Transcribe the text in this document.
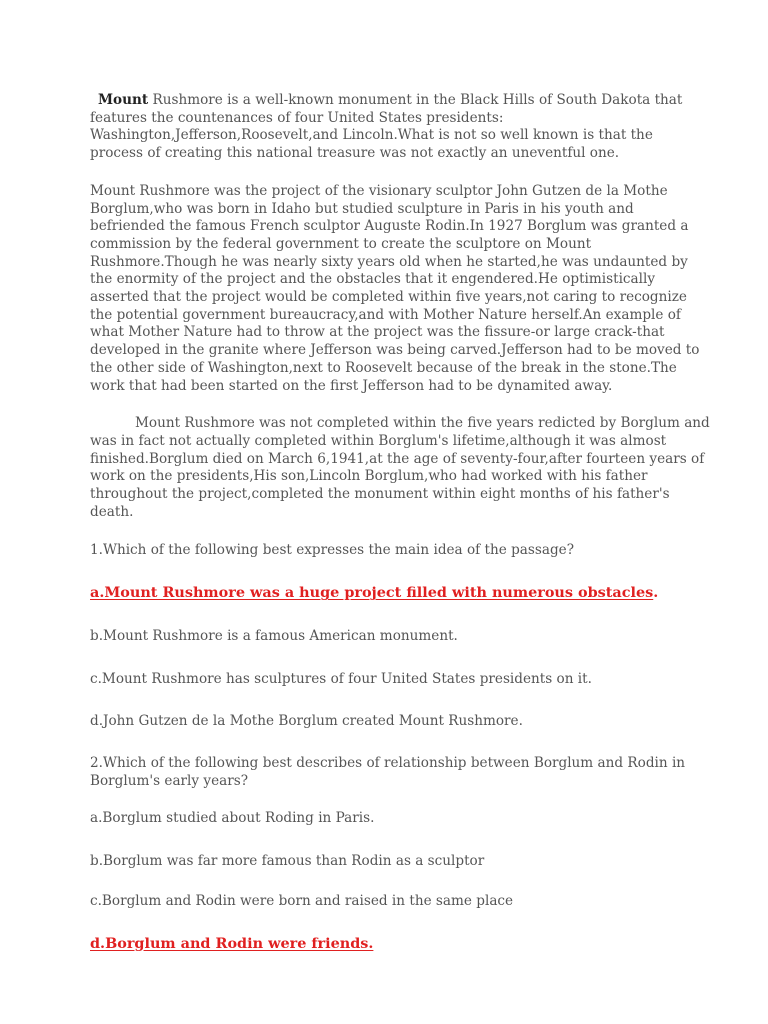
Mount Rushmore is a well-known monument in the Black Hills of South Dakota that features the countenances of four United States presidents: Washington,Jefferson,Roosevelt,and Lincoln.What is not so well known is that the process of creating this national treasure was not exactly an uneventful one.

Mount Rushmore was the project of the visionary sculptor John Gutzen de la Mothe Borglum,who was born in Idaho but studied sculpture in Paris in his youth and befriended the famous French sculptor Auguste Rodin.In 1927 Borglum was granted a commission by the federal government to create the sculptore on Mount Rushmore.Though he was nearly sixty years old when he started,he was undaunted by the enormity of the project and the obstacles that it engendered.He optimistically asserted that the project would be completed within five years,not caring to recognize the potential government bureaucracy,and with Mother Nature herself.An example of what Mother Nature had to throw at the project was the fissure-or large crack-that developed in the granite where Jefferson was being carved.Jefferson had to be moved to the other side of Washington,next to Roosevelt because of the break in the stone.The work that had been started on the first Jefferson had to be dynamited away.

Mount Rushmore was not completed within the five years redicted by Borglum and was in fact not actually completed within Borglum's lifetime,although it was almost finished.Borglum died on March 6,1941,at the age of seventy-four,after fourteen years of work on the presidents,His son,Lincoln Borglum,who had worked with his father throughout the project,completed the monument within eight months of his father's death.

1.Which of the following best expresses the main idea of the passage?

a.Mount Rushmore was a huge project filled with numerous obstacles.

b.Mount Rushmore is a famous American monument.

c.Mount Rushmore has sculptures of four United States presidents on it.

d.John Gutzen de la Mothe Borglum created Mount Rushmore.

2.Which of the following best describes of relationship between Borglum and Rodin in Borglum's early years?

a.Borglum studied about Roding in Paris.

b.Borglum was far more famous than Rodin as a sculptor

c.Borglum and Rodin were born and raised in the same place

d.Borglum and Rodin were friends.
